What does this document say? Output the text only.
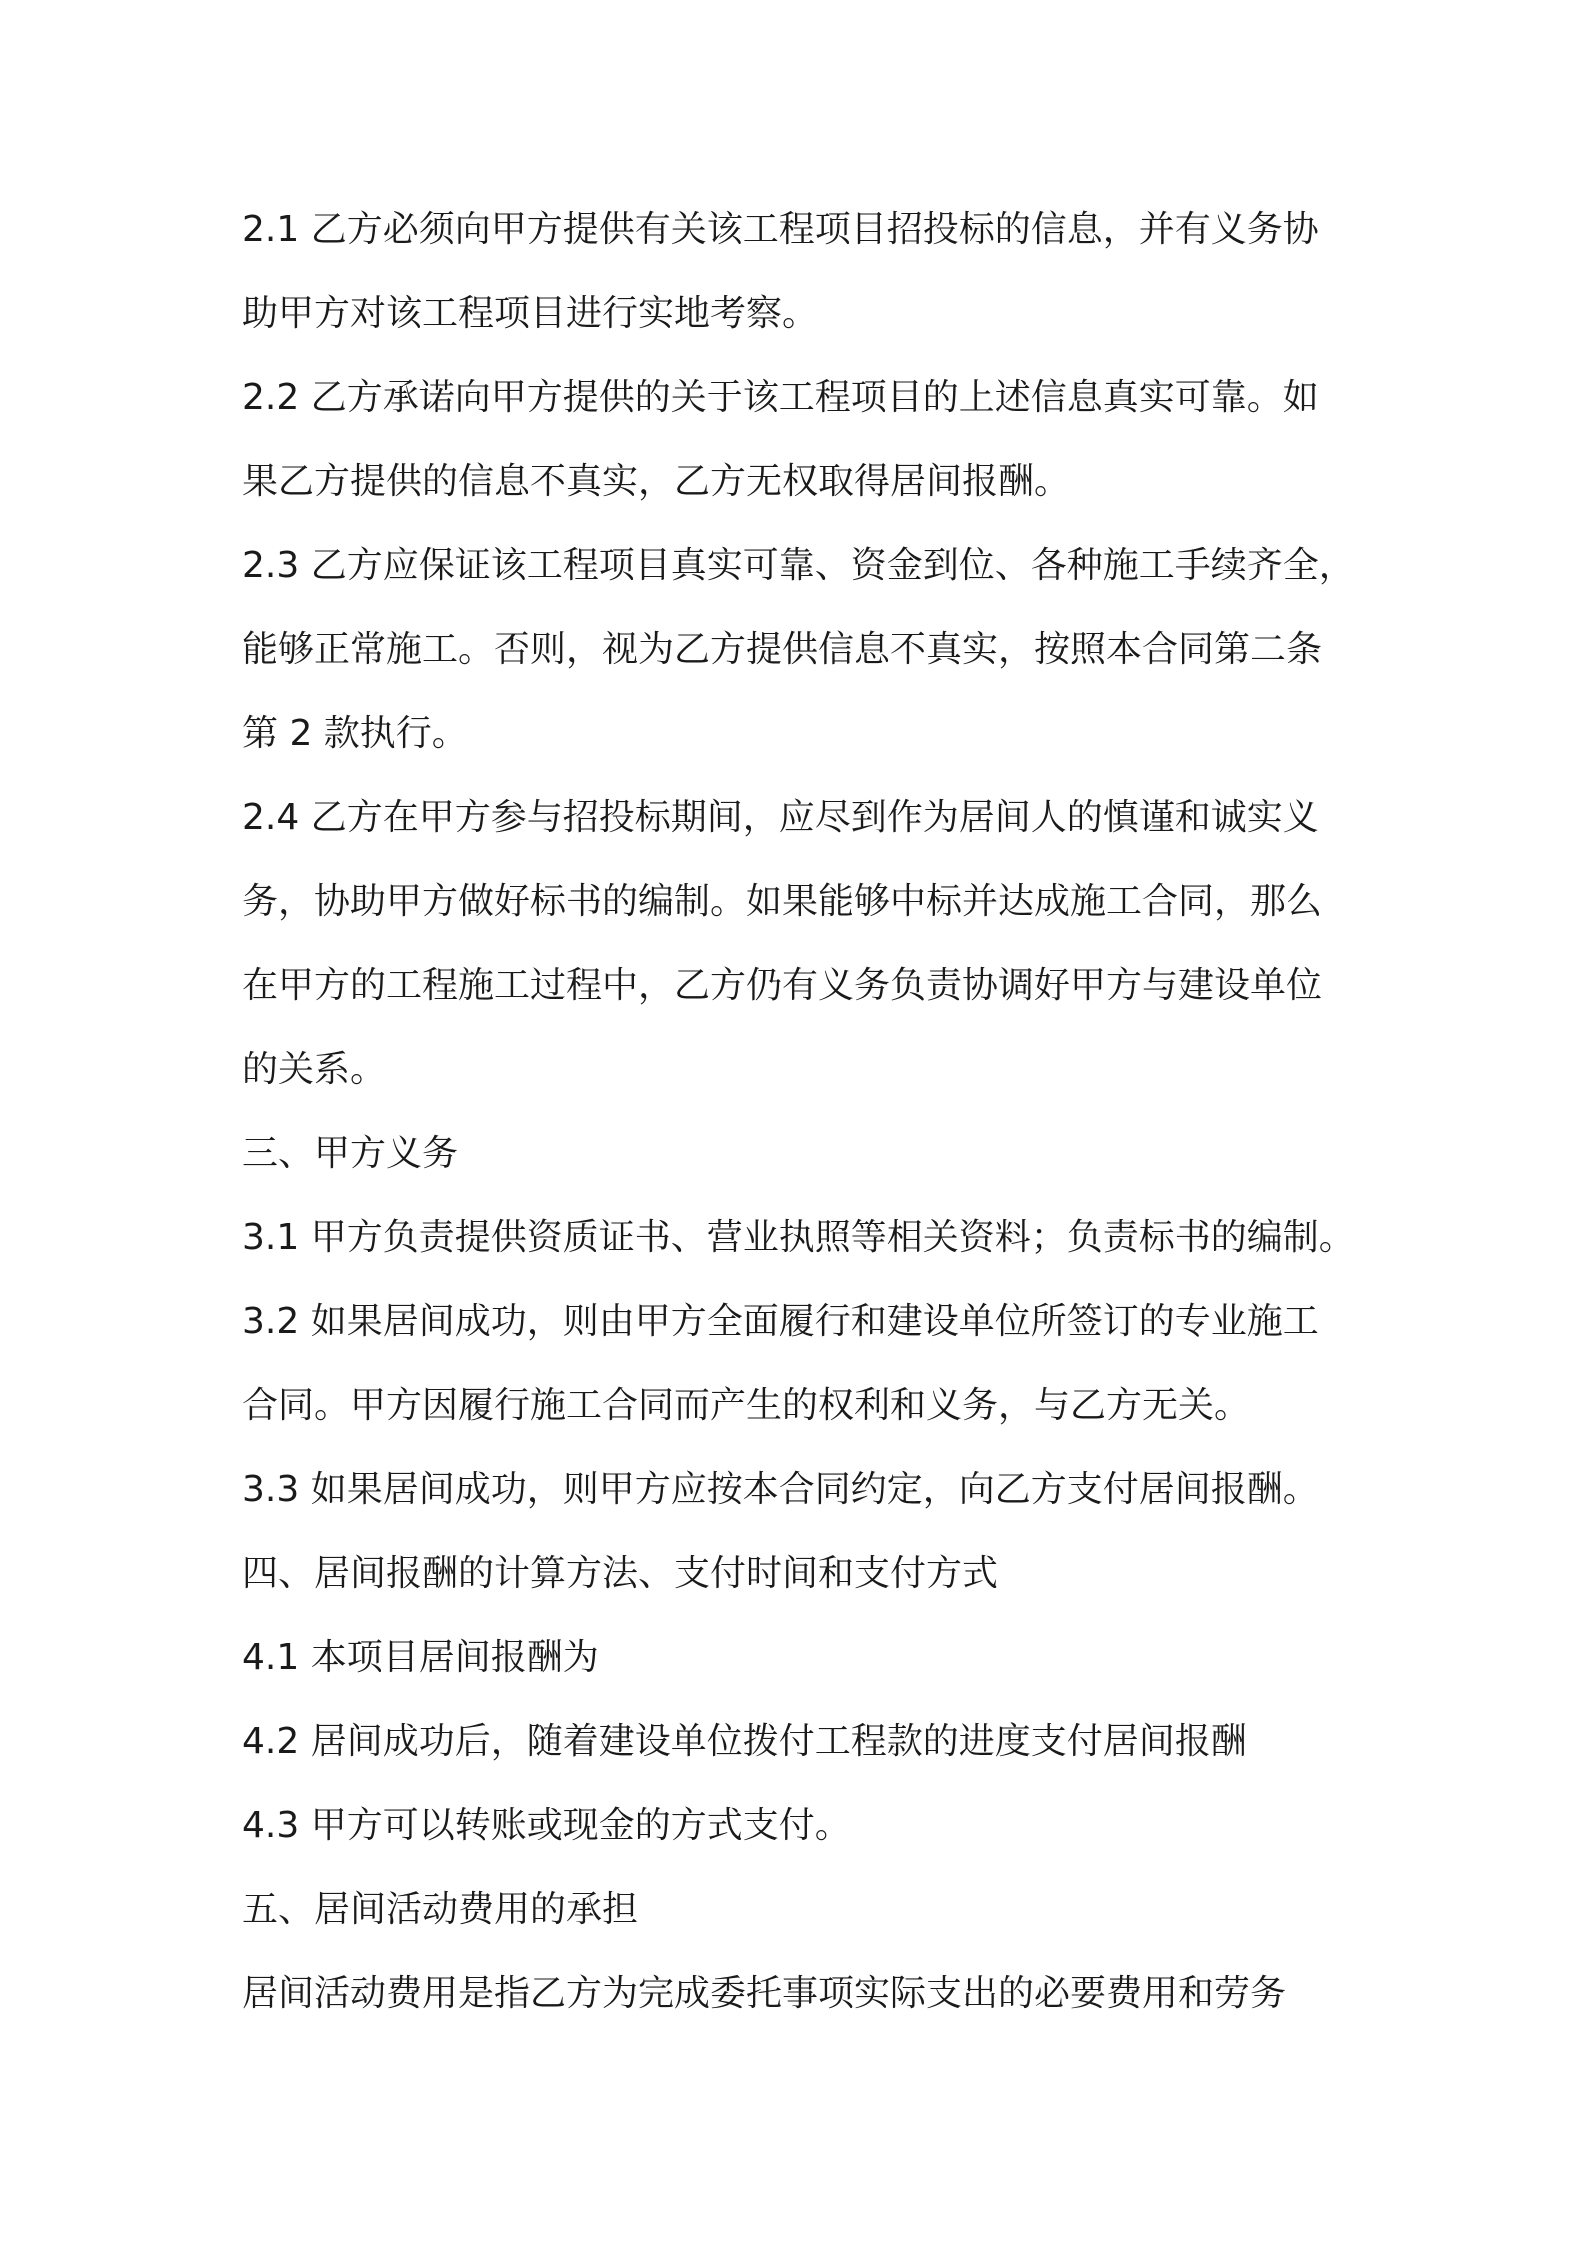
2.1 乙方必须向甲方提供有关该工程项目招投标的信息，并有义务协
助甲方对该工程项目进行实地考察。
2.2 乙方承诺向甲方提供的关于该工程项目的上述信息真实可靠。如
果乙方提供的信息不真实，乙方无权取得居间报酬。
2.3 乙方应保证该工程项目真实可靠、资金到位、各种施工手续齐全，
能够正常施工。否则，视为乙方提供信息不真实，按照本合同第二条
第 2 款执行。
2.4 乙方在甲方参与招投标期间，应尽到作为居间人的慎谨和诚实义
务，协助甲方做好标书的编制。如果能够中标并达成施工合同，那么
在甲方的工程施工过程中，乙方仍有义务负责协调好甲方与建设单位
的关系。
三、甲方义务
3.1 甲方负责提供资质证书、营业执照等相关资料；负责标书的编制。
3.2 如果居间成功，则由甲方全面履行和建设单位所签订的专业施工
合同。甲方因履行施工合同而产生的权利和义务，与乙方无关。
3.3 如果居间成功，则甲方应按本合同约定，向乙方支付居间报酬。
四、居间报酬的计算方法、支付时间和支付方式
4.1 本项目居间报酬为
4.2 居间成功后，随着建设单位拨付工程款的进度支付居间报酬
4.3 甲方可以转账或现金的方式支付。
五、居间活动费用的承担
居间活动费用是指乙方为完成委托事项实际支出的必要费用和劳务
